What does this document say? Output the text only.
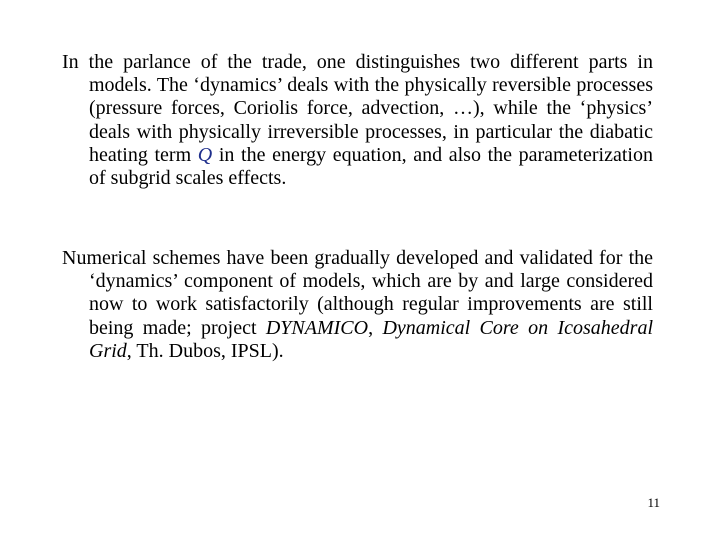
In the parlance of the trade, one distinguishes two different parts in models. The ‘dynamics’ deals with the physically reversible processes (pressure forces, Coriolis force, advection, …), while the ‘physics’ deals with physically irreversible processes, in particular the diabatic heating term Q in the energy equation, and also the parameterization of subgrid scales effects.

Numerical schemes have been gradually developed and validated for the ‘dynamics’ component of models, which are by and large considered now to work satisfactorily (although regular improvements are still being made; project DYNAMICO, Dynamical Core on Icosahedral Grid, Th. Dubos, IPSL).

11
